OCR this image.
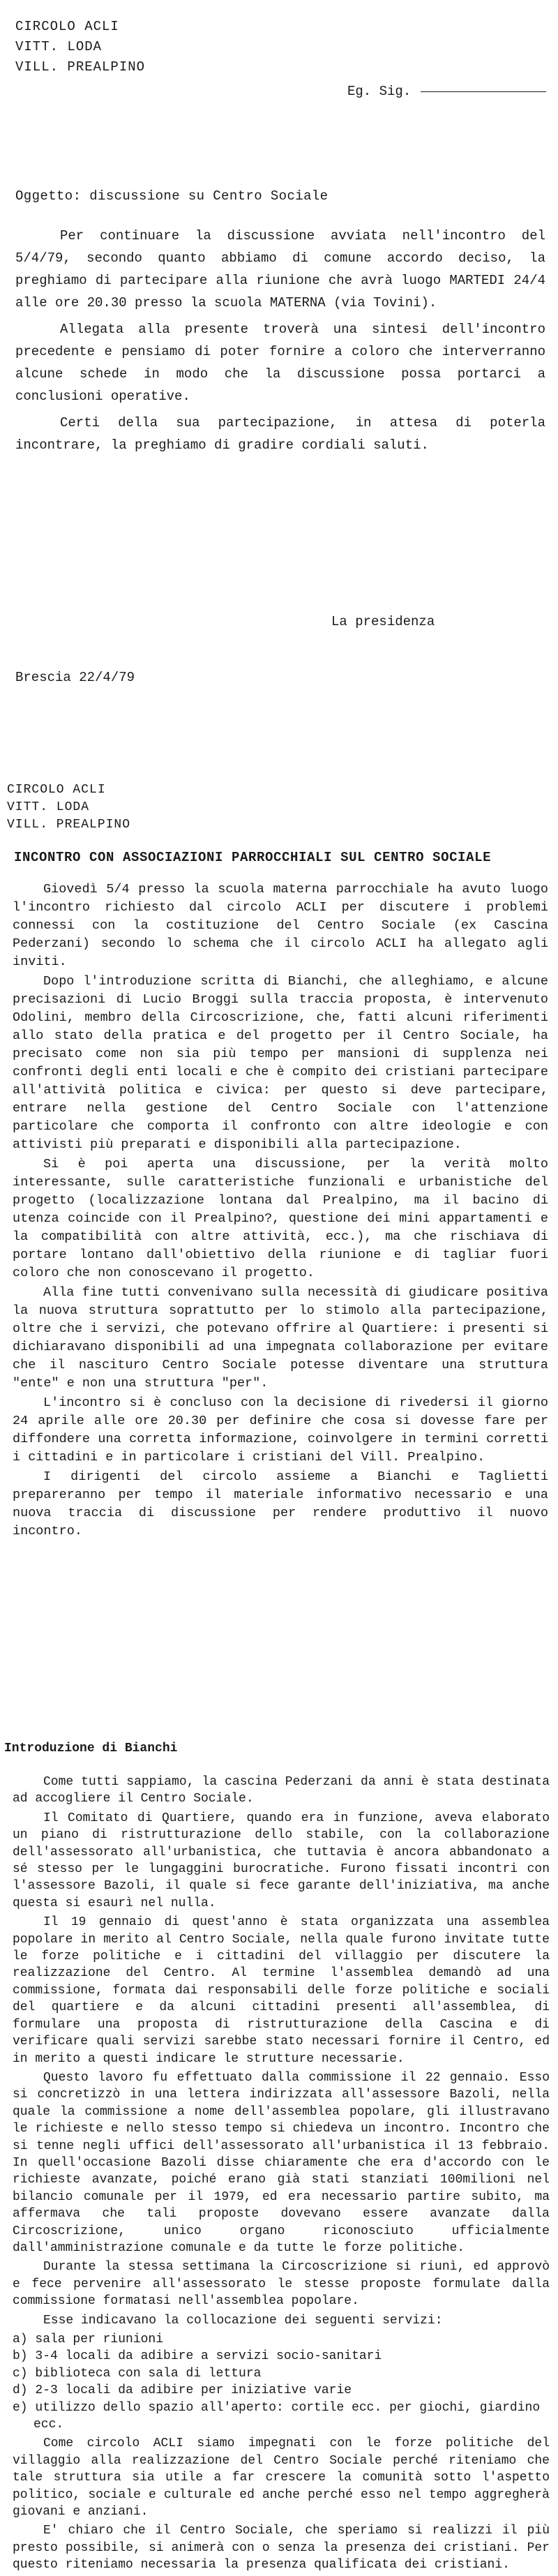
CIRCOLO ACLI
VITT. LODA
VILL. PREALPINO
Eg. Sig.
Oggetto: discussione su Centro Sociale

Per continuare la discussione avviata nell'incontro del 5/4/79, secondo quanto abbiamo di comune accordo deciso, la preghiamo di partecipare alla riunione che avrà luogo MARTEDI 24/4 alle ore 20.30 presso la scuola MATERNA (via Tovini).

Allegata alla presente troverà una sintesi dell'incontro precedente e pensiamo di poter fornire a coloro che interverranno alcune schede in modo che la discussione possa portarci a conclusioni operative.

Certi della sua partecipazione, in attesa di poterla incontrare, la preghiamo di gradire cordiali saluti.

La presidenza
Brescia 22/4/79
CIRCOLO ACLI
VITT. LODA
VILL. PREALPINO
INCONTRO CON ASSOCIAZIONI PARROCCHIALI SUL CENTRO SOCIALE

Giovedì 5/4 presso la scuola materna parrocchiale ha avuto luogo l'incontro richiesto dal circolo ACLI per discutere i problemi connessi con la costituzione del Centro Sociale (ex Cascina Pederzani) secondo lo schema che il circolo ACLI ha allegato agli inviti.

Dopo l'introduzione scritta di Bianchi, che alleghiamo, e alcune precisazioni di Lucio Broggi sulla traccia proposta, è intervenuto Odolini, membro della Circoscrizione, che, fatti alcuni riferimenti allo stato della pratica e del progetto per il Centro Sociale, ha precisato come non sia più tempo per mansioni di supplenza nei confronti degli enti locali e che è compito dei cristiani partecipare all'attività politica e civica: per questo si deve partecipare, entrare nella gestione del Centro Sociale con l'attenzione particolare che comporta il confronto con altre ideologie e con attivisti più preparati e disponibili alla partecipazione.

Si è poi aperta una discussione, per la verità molto interessante, sulle caratteristiche funzionali e urbanistiche del progetto (localizzazione lontana dal Prealpino, ma il bacino di utenza coincide con il Prealpino?, questione dei mini appartamenti e la compatibilità con altre attività, ecc.), ma che rischiava di portare lontano dall'obiettivo della riunione e di tagliar fuori coloro che non conoscevano il progetto.

Alla fine tutti convenivano sulla necessità di giudicare positiva la nuova struttura soprattutto per lo stimolo alla partecipazione, oltre che i servizi, che potevano offrire al Quartiere: i presenti si dichiaravano disponibili ad una impegnata collaborazione per evitare che il nascituro Centro Sociale potesse diventare una struttura "ente" e non una struttura "per".

L'incontro si è concluso con la decisione di rivedersi il giorno 24 aprile alle ore 20.30 per definire che cosa si dovesse fare per diffondere una corretta informazione, coinvolgere in termini corretti i cittadini e in particolare i cristiani del Vill. Prealpino.

I dirigenti del circolo assieme a Bianchi e Taglietti prepareranno per tempo il materiale informativo necessario e una nuova traccia di discussione per rendere produttivo il nuovo incontro.

Introduzione di Bianchi

Come tutti sappiamo, la cascina Pederzani da anni è stata destinata ad accogliere il Centro Sociale.

Il Comitato di Quartiere, quando era in funzione, aveva elaborato un piano di ristrutturazione dello stabile, con la collaborazione dell'assessorato all'urbanistica, che tuttavia è ancora abbandonato a sé stesso per le lungaggini burocratiche. Furono fissati incontri con l'assessore Bazoli, il quale si fece garante dell'iniziativa, ma anche questa si esaurì nel nulla.

Il 19 gennaio di quest'anno è stata organizzata una assemblea popolare in merito al Centro Sociale, nella quale furono invitate tutte le forze politiche e i cittadini del villaggio per discutere la realizzazione del Centro. Al termine l'assemblea demandò ad una commissione, formata dai responsabili delle forze politiche e sociali del quartiere e da alcuni cittadini presenti all'assemblea, di formulare una proposta di ristrutturazione della Cascina e di verificare quali servizi sarebbe stato necessari fornire il Centro, ed in merito a questi indicare le strutture necessarie.

Questo lavoro fu effettuato dalla commissione il 22 gennaio. Esso si concretizzò in una lettera indirizzata all'assessore Bazoli, nella quale la commissione a nome dell'assemblea popolare, gli illustravano le richieste e nello stesso tempo si chiedeva un incontro. Incontro che si tenne negli uffici dell'assessorato all'urbanistica il 13 febbraio. In quell'occasione Bazoli disse chiaramente che era d'accordo con le richieste avanzate, poiché erano già stati stanziati 100milioni nel bilancio comunale per il 1979, ed era necessario partire subito, ma affermava che tali proposte dovevano essere avanzate dalla Circoscrizione, unico organo riconosciuto ufficialmente dall'amministrazione comunale e da tutte le forze politiche.

Durante la stessa settimana la Circoscrizione si riunì, ed approvò e fece pervenire all'assessorato le stesse proposte formulate dalla commissione formatasi nell'assemblea popolare.

Esse indicavano la collocazione dei seguenti servizi:

a) sala per riunioni
b) 3-4 locali da adibire a servizi socio-sanitari
c) biblioteca con sala di lettura
d) 2-3 locali da adibire per iniziative varie
e) utilizzo dello spazio all'aperto: cortile ecc. per giochi, giardino ecc.

Come circolo ACLI siamo impegnati con le forze politiche del villaggio alla realizzazione del Centro Sociale perché riteniamo che tale struttura sia utile a far crescere la comunità sotto l'aspetto politico, sociale e culturale ed anche perché esso nel tempo aggregherà giovani e anziani.

E' chiaro che il Centro Sociale, che speriamo si realizzi il più presto possibile, si animerà con o senza la presenza dei cristiani. Per questo riteniamo necessaria la presenza qualificata dei cristiani.
